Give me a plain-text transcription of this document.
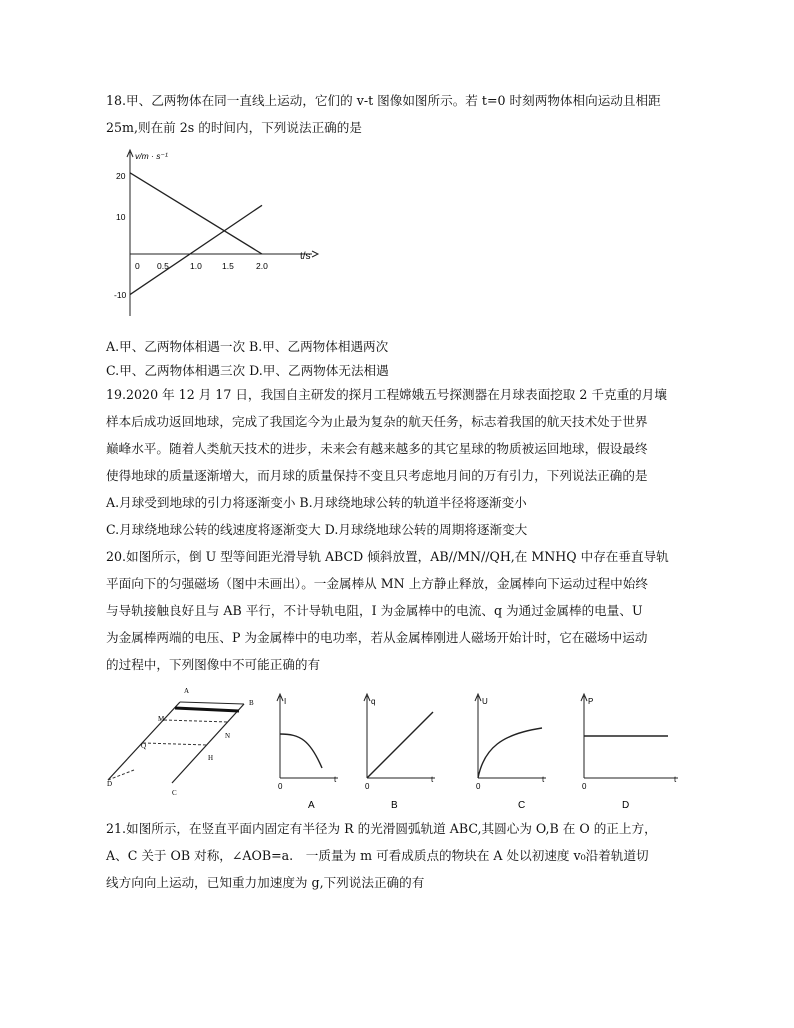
18.甲、乙两物体在同一直线上运动，它们的 v-t 图像如图所示。若 t=0 时刻两物体相向运动且相距
25m,则在前 2s 的时间内，下列说法正确的是
v/m · s⁻¹
t/s
20
10
-10
0 0.5 1.0 1.5	2.0
A.甲、乙两物体相遇一次 B.甲、乙两物体相遇两次
C.甲、乙两物体相遇三次 D.甲、乙两物体无法相遇
19.2020 年 12 月 17 日，我国自主研发的探月工程嫦娥五号探测器在月球表面挖取 2 千克重的月壤
样本后成功返回地球，完成了我国迄今为止最为复杂的航天任务，标志着我国的航天技术处于世界
巅峰水平。随着人类航天技术的进步，未来会有越来越多的其它星球的物质被运回地球，假设最终
使得地球的质量逐渐增大，而月球的质量保持不变且只考虑地月间的万有引力，下列说法正确的是
A.月球受到地球的引力将逐渐变小 B.月球绕地球公转的轨道半径将逐渐变小
C.月球绕地球公转的线速度将逐渐变大 D.月球绕地球公转的周期将逐渐变大
20.如图所示，倒 U 型等间距光滑导轨 ABCD 倾斜放置，AB//MN//QH,在 MNHQ 中存在垂直导轨
平面向下的匀强磁场（图中未画出）。一金属棒从 MN 上方静止释放，金属棒向下运动过程中始终
与导轨接触良好且与 AB 平行，不计导轨电阻，I 为金属棒中的电流、q 为通过金属棒的电量、U
为金属棒两端的电压、P 为金属棒中的电功率，若从金属棒刚进人磁场开始计时，它在磁场中运动
的过程中，下列图像中不可能正确的有
A
B
M
N
Q
H
D
C
I
0
t
A
q
0
t
B
U
0
t
C
P
0
t
D
21.如图所示，在竖直平面内固定有半径为 R 的光滑圆弧轨道 ABC,其圆心为 O,B 在 O 的正上方，
A、C 关于 OB 对称，∠AOB=a.　一质量为 m 可看成质点的物块在 A 处以初速度 v₀沿着轨道切
线方向向上运动，已知重力加速度为 g,下列说法正确的有
